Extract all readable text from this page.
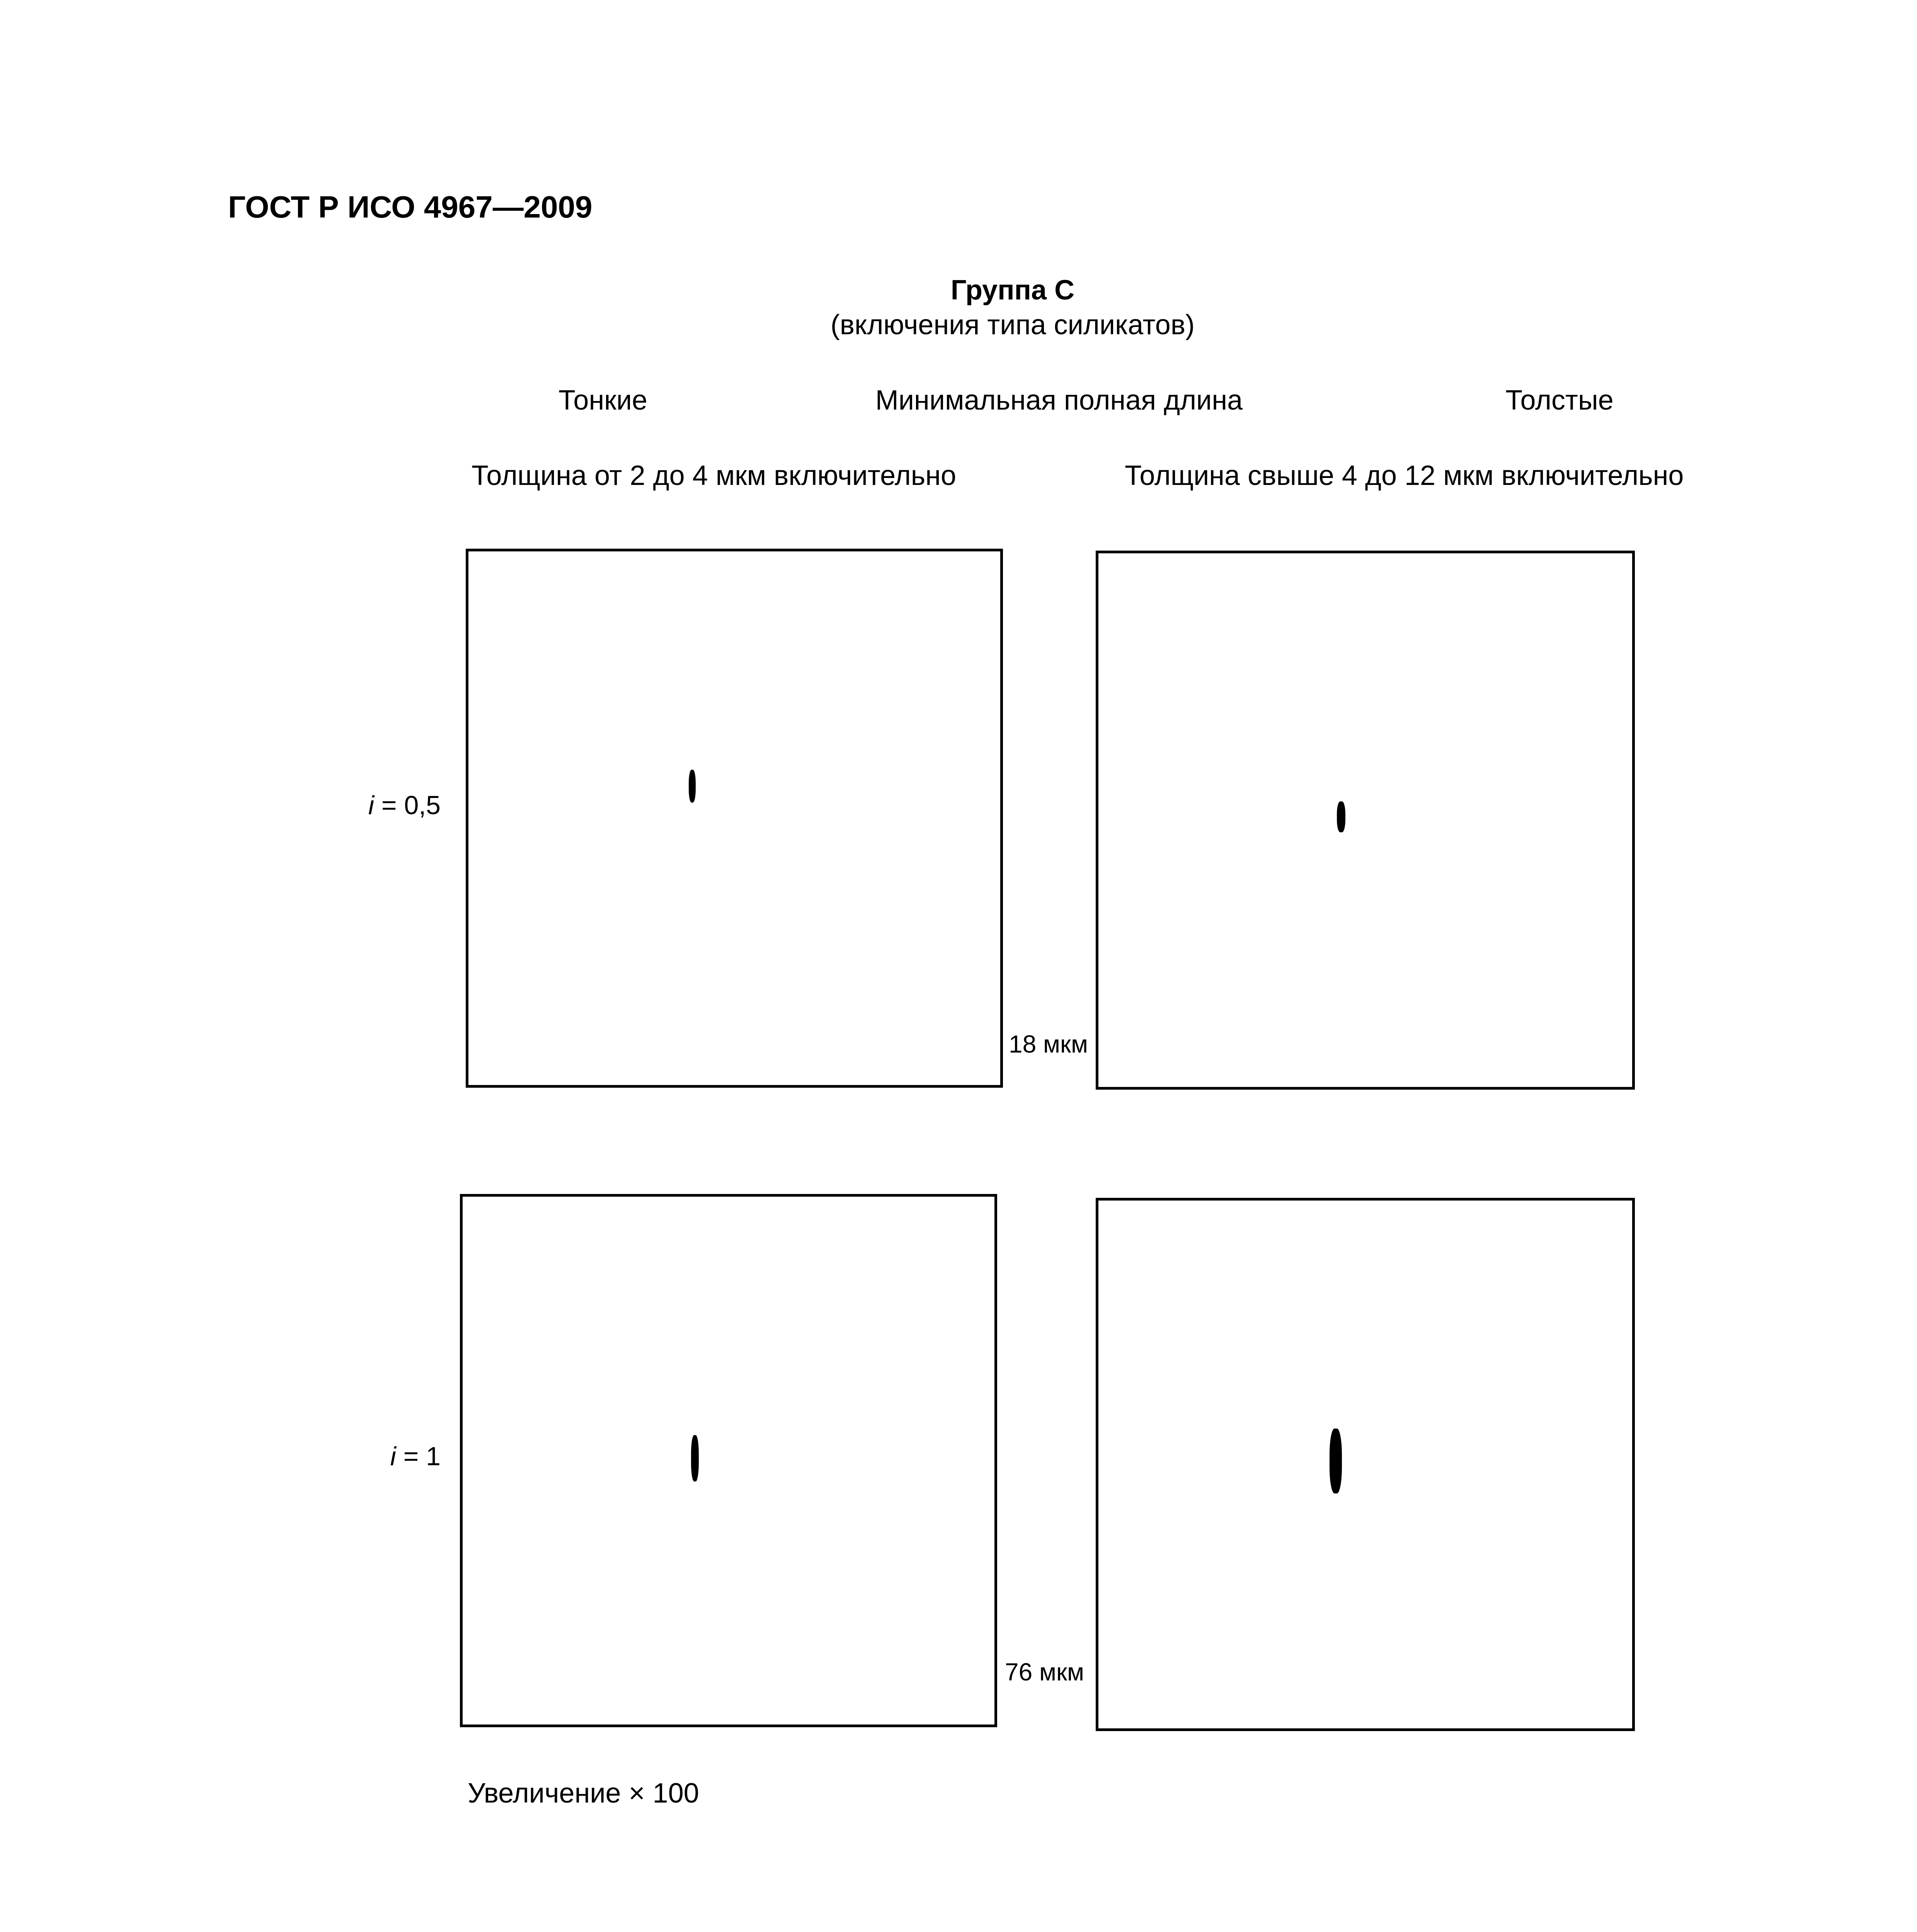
ГОСТ Р ИСО 4967—2009
Группа С
(включения типа силикатов)
Тонкие	Минимальная полная длина	Толстые
Толщина от 2 до 4 мкм включительно	Толщина свыше 4 до 12 мкм включительно
i = 0,5
18 мкм
i = 1
76 мкм
Увеличение × 100
